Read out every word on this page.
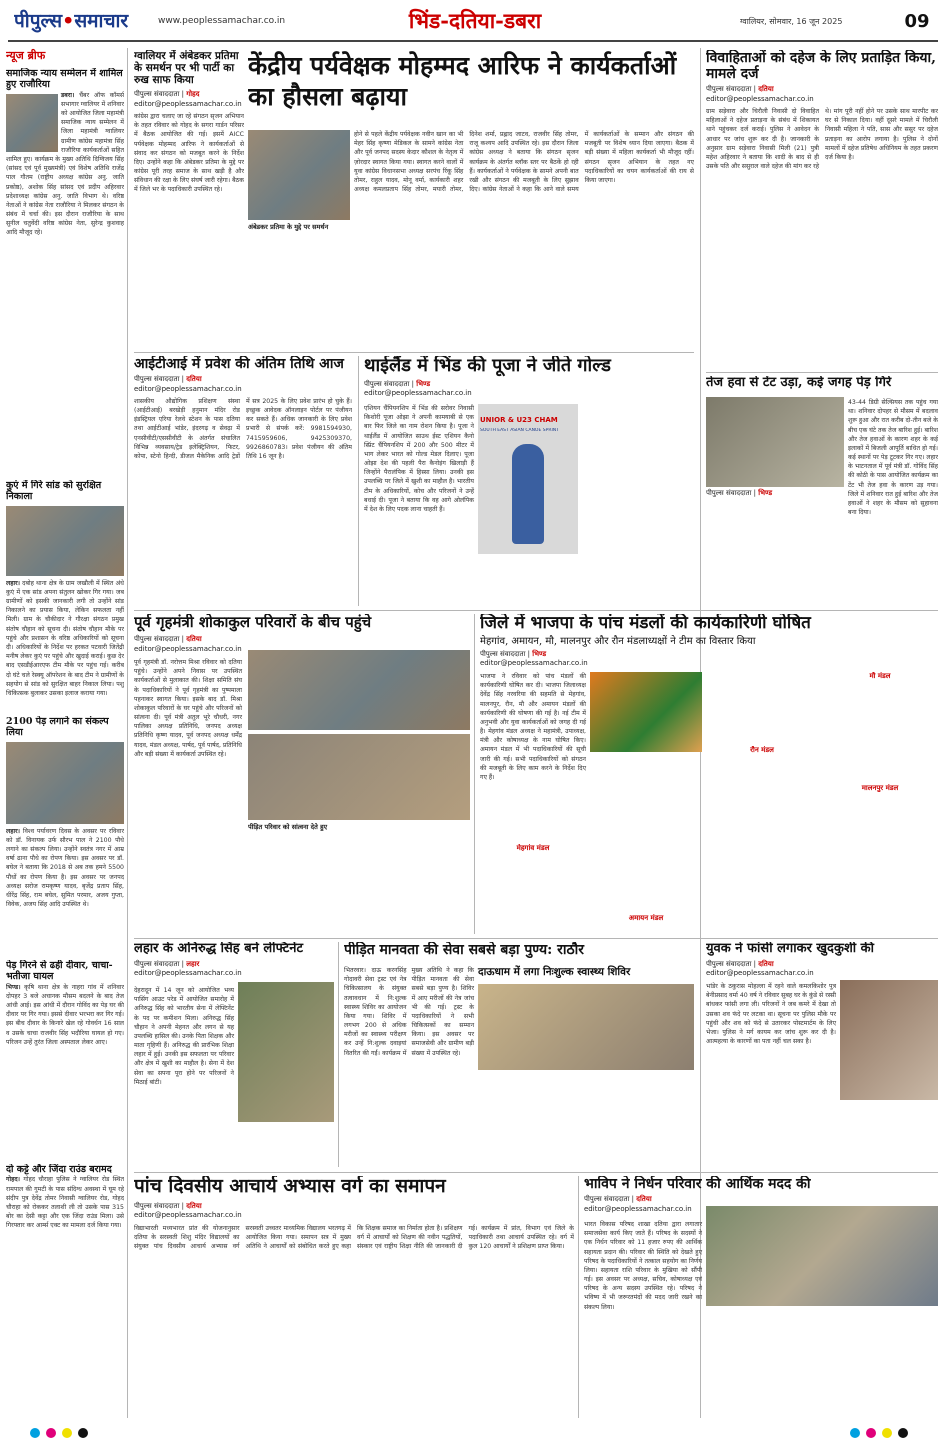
पीपुल्स•समाचार	www.peoplessamachar.co.in	भिंड-दतिया-डबरा	ग्वालियर, सोमवार, 16 जून 2025	09
न्यूज ब्रीफ
समाजिक न्याय सम्मेलन में शामिल हुए राजौरिया
डबरा। चैंबर ऑफ कॉमर्स सभागार ग्वालियर में शनिवार को आयोजित जिला महामंत्री समाजिक न्याय सम्मेलन में जिला महामंत्री ग्वालियर ग्रामीण कांग्रेस महामंत्रा सिंह राजौरिया कार्यकर्ताओं सहित शामिल हुए। कार्यक्रम के मुख्य अतिथि दिग्विजय सिंह (सांसद एवं पूर्व मुख्यमंत्री) एवं विशेष अतिथि राजेंद्र पाल गौतम (राष्ट्रीय अध्यक्ष कांग्रेस अनु. जाति प्रकोष्ठ), अशोक सिंह सांसद एवं प्रदीप अहिरवार प्रदेशाध्यक्ष कांग्रेस अनु. जाति विभाग थे। वरिष्ठ नेताओं ने कांग्रेस नेता राजौरिया ने मिलकर संगठन के संबंध में चर्चा की। इस दौरान राजौरिया के साथ सुनील चतुर्वेदी वरिष्ठ कांग्रेस नेता, सुरेन्द्र कुशवाह आदि मौजूद रहे।
कुएं में गिरे सांड को सुरक्षित निकाला
लहार। दबोह थाना क्षेत्र के ग्राम जखौली में स्थित अंधे कुएं में एक सांड अपना संतुलन खोकर गिर गया। जब ग्रामीणों को इसकी जानकारी लगी तो उन्होंने सांड निकालने का प्रयास किया, लेकिन सफलता नहीं मिली। ग्राम के चौकीदार ने गौरक्षा संगठन प्रमुख संतोष चौहान को सूचना दी। संतोष चौहान मौके पर पहुंचे और प्रशासन के वरिष्ठ अधिकारियों को सूचना दी। अधिकारियों के निर्देश पर हरकत पटवारी जितेंद्री मनीष लेकर कुएं पर पहुंचे और खुदाई कराई। कुछ देर बाद एसडीईआरएफ टीम मौके पर पहुंच गई। करीब दो घंटे चले रेस्क्यू ऑपरेशन के बाद टीम ने ग्रामीणों के सहयोग से सांड को सुरक्षित बाहर निकाल लिया। पशु चिकित्सक बुलाकर उसका इलाज कराया गया।
2100 पेड़ लगाने का संकल्प लिया
लहार। विश्व पर्यावरण दिवस के अवसर पर रविवार को डॉ. विनायक उर्फ सौरभ पाल ने 2100 पौधे लगाने का संकल्प लिया। उन्होंने स्वतंत्र नगर में आम्र वर्षा ढाना पौधे का रोपण किया। इस अवसर पर डॉ. बघेल ने बताया कि 2018 से अब तक हमने 5500 पौधों का रोपण किया है। इस अवसर पर जनपद अध्यक्ष सरोज रामकृष्ण यादव, बृजेंद्र प्रताप सिंह, धीरेंद्र सिंह, राम बघेल, सुमित परमार, अजय गुप्ता, विवेक, अजय सिंह आदि उपस्थित थे।
पेड़ गिरने से ढही दीवार, चाचा-भतीजा घायल
भिण्ड। कृषि थाना क्षेत्र के नाहरा गांव में शनिवार दोपहर 3 बजे अचानक मौसम बदलने के बाद तेज आंधी आई। इस आंधी में दौरान गोविंद का पेड़ घर की दीवार पर गिर गया। इससे दीवार भरभरा कर गिर गई। इस बीच दीवार के किनारे खेल रहे गोवर्धन 16 साल व उसके चाचा राजवीर सिंह भदौरिया घायल हो गए। परिजन उन्हें तुरंत जिला अस्पताल लेकर आए।
दो कट्टे और जिंदा राउंड बरामद
गोहद। गोहद चौराहा पुलिस ने ग्वालियर रोड स्थित रामपाल की गुमटी के पास संदिग्ध अवस्था में घूम रहे संदीप पुत्र देवेंद्र तोमर निवासी ग्वालियर रोड, गोहद चौराहा को रोककर तलाशी ली तो उसके पास 315 बोर का देसी कट्टा और एक जिंदा राउंड मिला। उसे गिरफ्तार कर आर्म्स एक्ट का मामला दर्ज किया गया।
ग्वालियर में अंबेडकर प्रतिमा के समर्थन पर भी पार्टी का रुख साफ किया
पीपुल्स संवाददाता | गोहद
editor@peoplessamachar.co.in
कांग्रेस द्वारा चलाए जा रहे संगठन सृजन अभियान के तहत रविवार को गोहद के सगरा गार्डन परिसर में बैठक आयोजित की गई। इसमें AICC पर्यवेक्षक मोहम्मद आरिफ ने कार्यकर्ताओं से संवाद कर संगठन को मजबूत करने के निर्देश दिए। उन्होंने कहा कि अंबेडकर प्रतिमा के मुद्दे पर कांग्रेस पूरी तरह समाज के साथ खड़ी है और संविधान की रक्षा के लिए संघर्ष जारी रहेगा। बैठक में जिले भर के पदाधिकारी उपस्थित रहे।
केंद्रीय पर्यवेक्षक मोहम्मद आरिफ ने कार्यकर्ताओं का हौसला बढ़ाया
अंबेडकर प्रतिमा के मुद्दे पर समर्थन
होने से पहले केंद्रीय पर्यवेक्षक नवीन खान का भी मेहर सिंह कृष्णा मेडिकल के सामने कांग्रेस नेता और पूर्व जनपद सदस्य केदार कौशल के नेतृत्व में ज़ोरदार स्वागत किया गया। स्वागत करने वालों में युवा कांग्रेस विधानसभा अध्यक्ष सरपंच रिंकू सिंह तोमर, राहुल यादव, मोनू वर्मा, कार्यकारी शहर अध्यक्ष कमलप्रताप सिंह तोमर, मयारी तोमर, दिनेश शर्मा, प्रह्लाद जाटव, राजवीर सिंह तोमर, राजू कश्यप आदि उपस्थित रहे। इस दौरान जिला कांग्रेस अध्यक्ष ने बताया कि संगठन सृजन कार्यक्रम के अंतर्गत ब्लॉक स्तर पर बैठकें हो रही हैं। कार्यकर्ताओं ने पर्यवेक्षक के सामने अपनी बात रखी और संगठन की मजबूती के लिए सुझाव दिए। कांग्रेस नेताओं ने कहा कि आने वाले समय में कार्यकर्ताओं के सम्मान और संगठन की मजबूती पर विशेष ध्यान दिया जाएगा। बैठक में बड़ी संख्या में महिला कार्यकर्ता भी मौजूद रहीं। संगठन सृजन अभियान के तहत नए पदाधिकारियों का चयन कार्यकर्ताओं की राय से किया जाएगा।
विवाहिताओं को दहेज के लिए प्रताड़ित किया, मामले दर्ज
पीपुल्स संवाददाता | दतिया
editor@peoplessamachar.co.in
ग्राम सड़ेवारा और चिरौली निवासी दो विवाहित महिलाओं ने दहेज प्रताड़ना के संबंध में शिकायत थाने पहुंचकर दर्ज कराई। पुलिस ने आवेदन के आधार पर जांच शुरू कर दी है। जानकारी के अनुसार ग्राम सड़ेवारा निवासी मिली (21) पुत्री महेश अहिरवार ने बताया कि शादी के बाद से ही उसके पति और ससुराल वाले दहेज की मांग कर रहे थे। मांग पूरी नहीं होने पर उसके साथ मारपीट कर घर से निकाल दिया। वहीं दूसरे मामले में चिरौली निवासी महिला ने पति, सास और ससुर पर दहेज प्रताड़ना का आरोप लगाया है। पुलिस ने दोनों मामलों में दहेज प्रतिषेध अधिनियम के तहत प्रकरण दर्ज किया है।
आईटीआई में प्रवेश की अंतिम तिथि आज
पीपुल्स संवाददाता | दतिया
editor@peoplessamachar.co.in
शासकीय औद्योगिक प्रशिक्षण संस्था (आईटीआई) बरखेड़ी हनुमान मंदिर रोड इंडस्ट्रियल एरिया रेलवे स्टेशन के पास दतिया तथा आईटीआई भांडेर, इंदरगढ़ व सेवढ़ा में एनसीवीटी/एससीवीटी के अंतर्गत संचालित विभिन्न व्यवसाय/ट्रेड इलेक्ट्रिशियन, फिटर, कोपा, स्टेनो हिन्दी, डीजल मैकेनिक आदि ट्रेडों में सत्र 2025 के लिए प्रवेश प्रारंभ हो चुके हैं। इच्छुक आवेदक ऑनलाइन पोर्टल पर पंजीयन कर सकते हैं। अधिक जानकारी के लिए प्रवेश प्रभारी से संपर्क करें: 9981594930, 7415959606, 9425309370, 9926860783। प्रवेश पंजीयन की अंतिम तिथि 16 जून है।
थाईलैंड में भिंड की पूजा ने जीते गोल्ड
पीपुल्स संवाददाता | भिण्ड
editor@peoplessamachar.co.in
एशियन चैंपियनशिप में भिंड की सरोवर निवासी किशोरी पूजा ओझा ने अपनी कामयाबी से एक बार फिर जिले का नाम रोशन किया है। पूजा ने थाईलैंड में आयोजित साउथ ईस्ट एशियन कैनो स्प्रिंट चैंपियनशिप में 200 और 500 मीटर में भाग लेकर भारत को गोल्ड मेडल दिलाए। पूजा ओझा देश की पहली पैरा कैनोइंग खिलाड़ी हैं जिन्होंने पैरालंपिक में हिस्सा लिया। उनकी इस उपलब्धि पर जिले में खुशी का माहौल है। भारतीय टीम के अधिकारियों, कोच और परिजनों ने उन्हें बधाई दी। पूजा ने बताया कि वह आगे ओलंपिक में देश के लिए पदक लाना चाहती हैं।
UNIOR & U23 CHAM
SOUTH EAST ASIAN CANOE SPRINT
तेज हवा से टेंट उड़ा, कई जगह पेड़ गिरे
पीपुल्स संवाददाता | भिण्ड
43-44 डिग्री सेल्सियस तक पहुंच गया था। शनिवार दोपहर से मौसम में बदलाव शुरू हुआ और रात करीब दो-तीन बजे के बीच एक घंटे तक तेज बारिश हुई। बारिश और तेज हवाओं के कारण शहर के कई इलाकों में बिजली आपूर्ति बाधित हो गई। कई स्थानों पर पेड़ टूटकर गिर गए। लहार के भाटनताल में पूर्व मंत्री डॉ. गोविंद सिंह की कोठी के पास आयोजित कार्यक्रम का टेंट भी तेज हवा के कारण उड़ गया। जिले में शनिवार रात हुई बारिश और तेज हवाओं ने शहर के मौसम को सुहावना बना दिया।
पूर्व गृहमंत्री शोकाकुल परिवारों के बीच पहुंचे
पीपुल्स संवाददाता | दतिया
editor@peoplessamachar.co.in
पूर्व गृहमंत्री डॉ. नरोत्तम मिश्रा रविवार को दतिया पहुंचे। उन्होंने अपने निवास पर उपस्थित कार्यकर्ताओं से मुलाकात की। शिक्षा समिति संघ के पदाधिकारियों ने पूर्व गृहमंत्री का पुष्पमाला पहनाकर स्वागत किया। इसके बाद डॉ. मिश्रा शोकाकुल परिवारों के घर पहुंचे और परिजनों को सांत्वना दी। पूर्व मंत्री अतुल भूरे चौधरी, नगर पालिका अध्यक्ष प्रतिनिधि, जनपद अध्यक्ष प्रतिनिधि कृष्ण यादव, पूर्व जनपद अध्यक्ष धर्मेंद्र यादव, मंडल अध्यक्ष, पार्षद, पूर्व पार्षद, प्रतिनिधि और बड़ी संख्या में कार्यकर्ता उपस्थित रहे।
पीड़ित परिवार को सांत्वना देते हुए
जिले में भाजपा के पांच मंडलों की कार्यकारिणी घोषित
मेहगांव, अमायन, मौ, मालनपुर और रौन मंडलाध्यक्षों ने टीम का विस्तार किया
पीपुल्स संवाददाता | भिण्ड
editor@peoplessamachar.co.in
भाजपा ने रविवार को पांच मंडलों की कार्यकारिणी घोषित कर दी। भाजपा जिलाध्यक्ष देवेंद्र सिंह नरवरिया की सहमति से मेहगांव, मालनपुर, रौन, मौ और अमायन मंडलों की कार्यकारिणी की घोषणा की गई है। नई टीम में अनुभवी और युवा कार्यकर्ताओं को जगह दी गई है। मेहगांव मंडल अध्यक्ष ने महामंत्री, उपाध्यक्ष, मंत्री और कोषाध्यक्ष के नाम घोषित किए। अमायन मंडल में भी पदाधिकारियों की सूची जारी की गई। सभी पदाधिकारियों को संगठन की मजबूती के लिए काम करने के निर्देश दिए गए हैं।
मेहगांव मंडल
अमायन मंडल
मौ मंडल
रौन मंडल
मालनपुर मंडल
लहार के अनिरुद्ध सिंह बने लेफ्टिनेंट
पीपुल्स संवाददाता | लहार
editor@peoplessamachar.co.in
देहरादून में 14 जून को आयोजित भव्य पासिंग आउट परेड में आयोजित समारोह में अनिरुद्ध सिंह को भारतीय सेना में लेफ्टिनेंट के पद पर कमीशन मिला। अनिरुद्ध सिंह चौहान ने अपनी मेहनत और लगन से यह उपलब्धि हासिल की। उनके पिता शिक्षक और माता गृहिणी हैं। अनिरुद्ध की प्रारंभिक शिक्षा लहार में हुई। उनकी इस सफलता पर परिवार और क्षेत्र में खुशी का माहौल है। सेना में देश सेवा का सपना पूरा होने पर परिजनों ने मिठाई बांटी।
पीड़ित मानवता की सेवा सबसे बड़ा पुण्य: राठौर
भितरवार। दाऊ करनसिंह गोदावरी सेवा ट्रस्ट एवं नेत्र चिकित्सालय के संयुक्त तत्वावधान में नि:शुल्क स्वास्थ्य शिविर का आयोजन किया गया। शिविर में लगभग 200 से अधिक मरीजों का स्वास्थ्य परीक्षण कर उन्हें नि:शुल्क दवाइयां वितरित की गईं। कार्यक्रम में मुख्य अतिथि ने कहा कि पीड़ित मानवता की सेवा सबसे बड़ा पुण्य है। शिविर में आए मरीजों की नेत्र जांच भी की गई। ट्रस्ट के पदाधिकारियों ने सभी चिकित्सकों का सम्मान किया। इस अवसर पर समाजसेवी और ग्रामीण बड़ी संख्या में उपस्थित रहे।
दाऊधाम में लगा निःशुल्क स्वास्थ्य शिविर
युवक ने फांसी लगाकर खुदकुशी की
पीपुल्स संवाददाता | दतिया
editor@peoplessamachar.co.in
भांडेर के ठकुरास मोहल्ला में रहने वाले कमलकिशोर पुत्र बेनीप्रसाद वर्मा 40 वर्ष ने रविवार सुबह घर के कुंडे से रस्सी बांधकर फांसी लगा ली। परिजनों ने जब कमरे में देखा तो उसका शव फंदे पर लटका था। सूचना पर पुलिस मौके पर पहुंची और शव को फंदे से उतारकर पोस्टमार्टम के लिए भेजा। पुलिस ने मर्ग कायम कर जांच शुरू कर दी है। आत्महत्या के कारणों का पता नहीं चल सका है।
पांच दिवसीय आचार्य अभ्यास वर्ग का समापन
पीपुल्स संवाददाता | दतिया
editor@peoplessamachar.co.in
विद्याभारती मध्यभारत प्रांत की योजनानुसार दतिया के सरस्वती शिशु मंदिर विद्यालयों का संयुक्त पांच दिवसीय आचार्य अभ्यास वर्ग सरस्वती उच्चतर माध्यमिक विद्यालय भरतगढ़ में आयोजित किया गया। समापन सत्र में मुख्य अतिथि ने आचार्यों को संबोधित करते हुए कहा कि शिक्षक समाज का निर्माता होता है। प्रशिक्षण वर्ग में आचार्यों को शिक्षण की नवीन पद्धतियों, संस्कार एवं राष्ट्रीय शिक्षा नीति की जानकारी दी गई। कार्यक्रम में प्रांत, विभाग एवं जिले के पदाधिकारी तथा आचार्य उपस्थित रहे। वर्ग में कुल 120 आचार्यों ने प्रशिक्षण प्राप्त किया।
भाविप ने निर्धन परिवार की आर्थिक मदद की
पीपुल्स संवाददाता | दतिया
editor@peoplessamachar.co.in
भारत विकास परिषद शाखा दतिया द्वारा लगातार समाजसेवा कार्य किए जाते हैं। परिषद के सदस्यों ने एक निर्धन परिवार को 11 हजार रुपए की आर्थिक सहायता प्रदान की। परिवार की स्थिति को देखते हुए परिषद के पदाधिकारियों ने तत्काल सहयोग का निर्णय लिया। सहायता राशि परिवार के मुखिया को सौंपी गई। इस अवसर पर अध्यक्ष, सचिव, कोषाध्यक्ष एवं परिषद के अन्य सदस्य उपस्थित रहे। परिषद ने भविष्य में भी जरूरतमंदों की मदद जारी रखने का संकल्प लिया।
